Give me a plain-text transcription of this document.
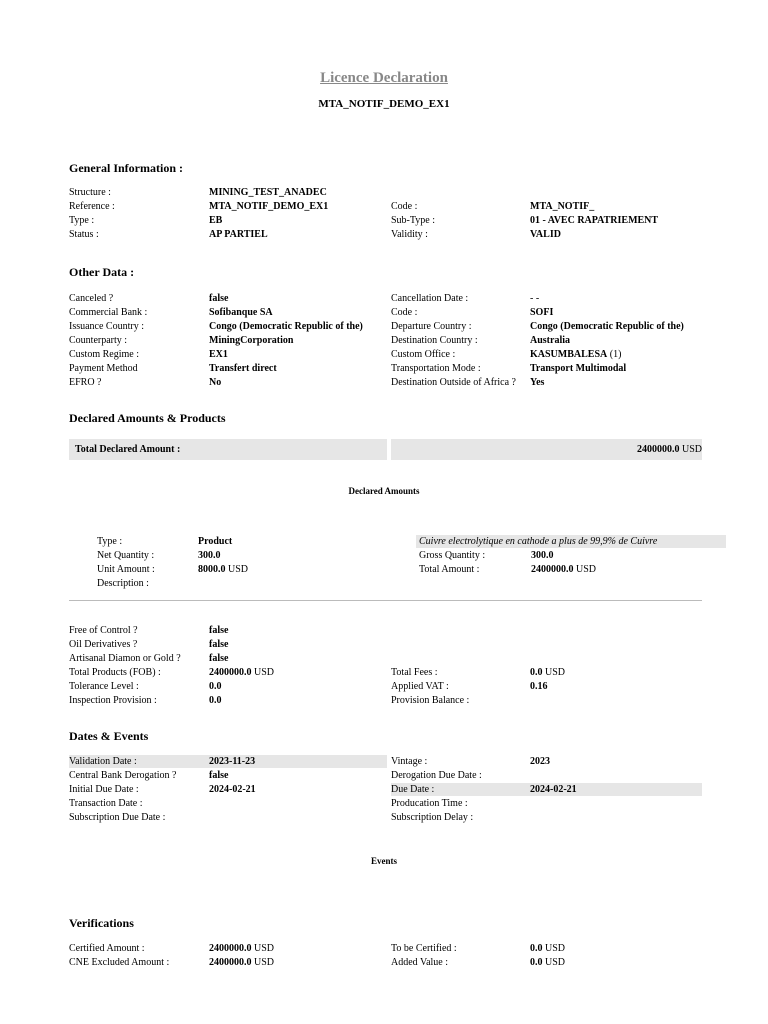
Licence Declaration
MTA_NOTIF_DEMO_EX1
General Information :
Structure :	MINING_TEST_ANADEC
Reference :	MTA_NOTIF_DEMO_EX1	Code :	MTA_NOTIF_
Type :	EB	Sub-Type :	01 - AVEC RAPATRIEMENT
Status :	AP PARTIEL	Validity :	VALID
Other Data :
Canceled ?	false	Cancellation Date :	- -
Commercial Bank :	Sofibanque SA	Code :	SOFI
Issuance Country :	Congo (Democratic Republic of the)	Departure Country :	Congo (Democratic Republic of the)
Counterparty :	MiningCorporation	Destination Country :	Australia
Custom Regime :	EX1	Custom Office :	KASUMBALESA (1)
Payment Method	Transfert direct	Transportation Mode :	Transport Multimodal
EFRO ?	No	Destination Outside of Africa ? Yes
Declared Amounts & Products
Total Declared Amount :	2400000.0 USD
Declared Amounts
Type :	Product	Cuivre electrolytique en cathode a plus de 99,9% de Cuivre
Net Quantity :	300.0	Gross Quantity :	300.0
Unit Amount :	8000.0 USD	Total Amount :	2400000.0 USD
Description :
Free of Control ?	false
Oil Derivatives ?	false
Artisanal Diamon or Gold ?	false
Total Products (FOB) :	2400000.0 USD	Total Fees :	0.0 USD
Tolerance Level :	0.0	Applied VAT :	0.16
Inspection Provision :	0.0	Provision Balance :
Dates & Events
Validation Date :	2023-11-23	Vintage :	2023
Central Bank Derogation ?	false	Derogation Due Date :
Initial Due Date :	2024-02-21	Due Date :	2024-02-21
Transaction Date :	Producation Time :
Subscription Due Date :	Subscription Delay :
Events
Verifications
Certified Amount :	2400000.0 USD	To be Certified :	0.0 USD
CNE Excluded Amount :	2400000.0 USD	Added Value :	0.0 USD
